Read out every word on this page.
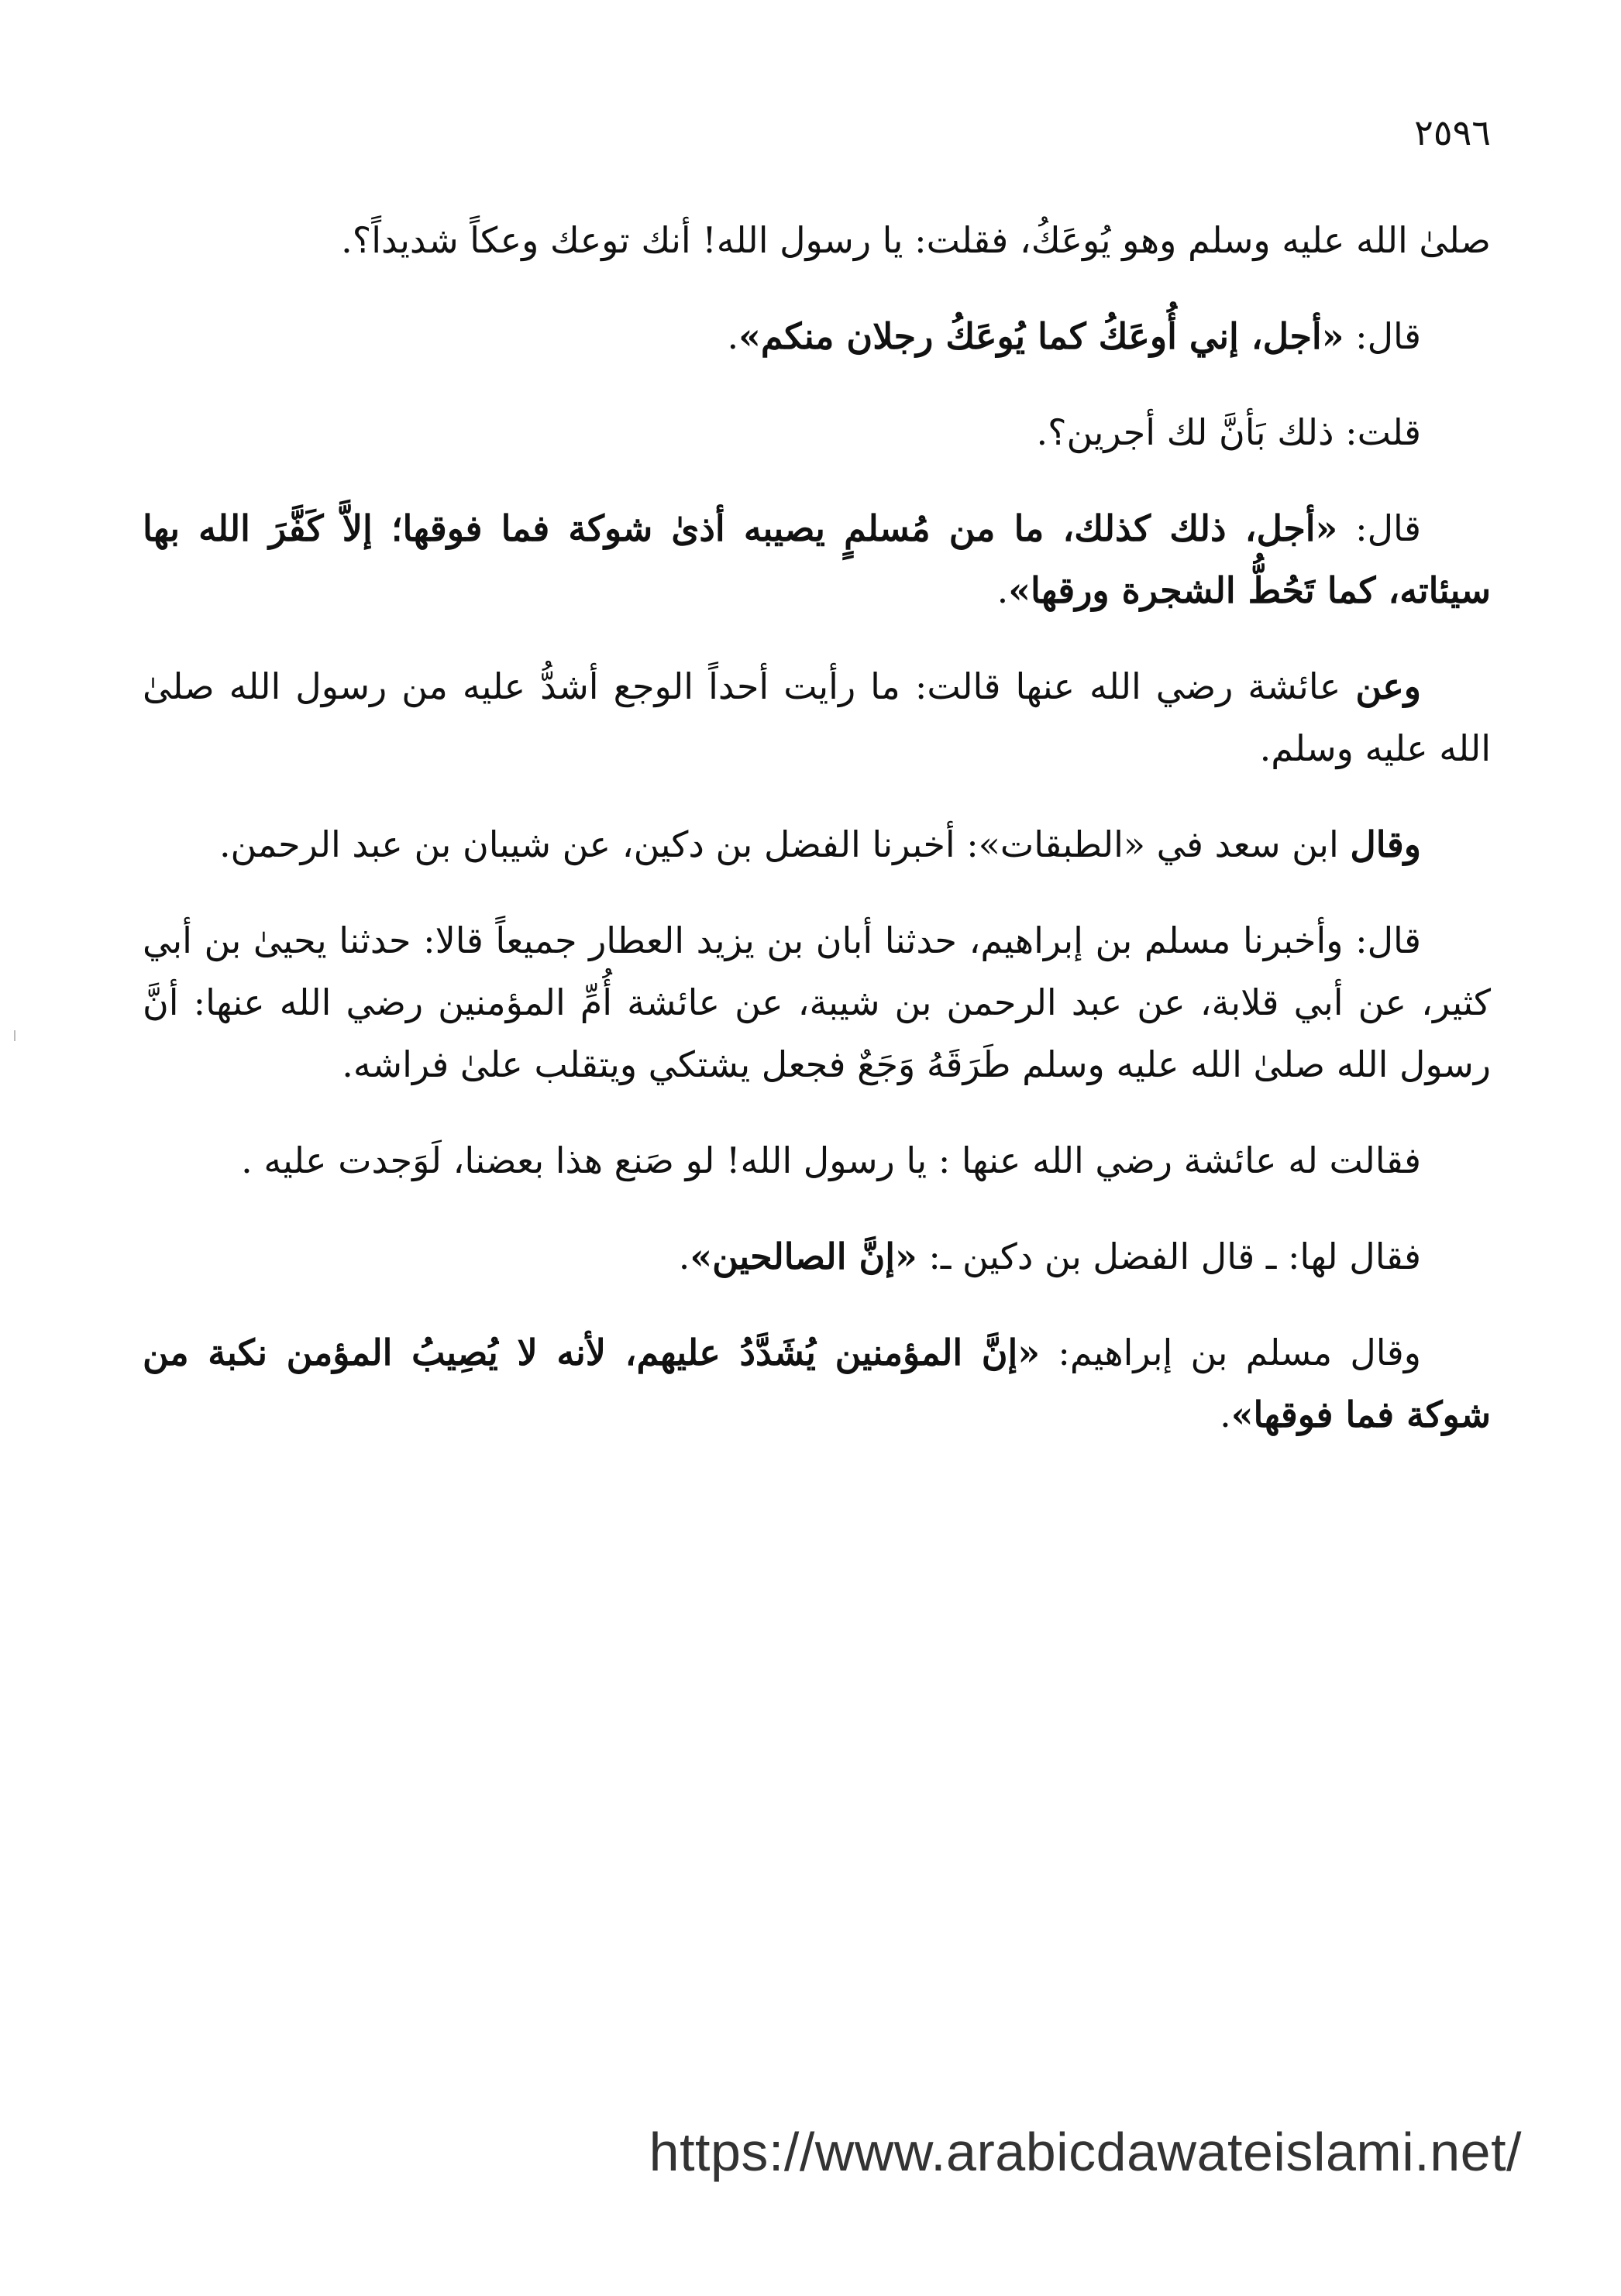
٢٥٩٦

صلىٰ الله عليه وسلم وهو يُوعَكُ، فقلت: يا رسول الله! أنك توعك وعكاً شديداً؟.

قال: «أجل، إني أُوعَكُ كما يُوعَكُ رجلان منكم».

قلت: ذلك بَأنَّ لك أجرين؟.

قال: «أجل، ذلك كذلك، ما من مُسلمٍ يصيبه أذىٰ شوكة فما فوقها؛ إلاَّ كَفَّرَ الله بها سيئاته، كما تَحُطُّ الشجرة ورقها».

وعن عائشة رضي الله عنها قالت: ما رأيت أحداً الوجع أشدُّ عليه من رسول الله صلىٰ الله عليه وسلم.

وقال ابن سعد في «الطبقات»: أخبرنا الفضل بن دكين، عن شيبان بن عبد الرحمن.

قال: وأخبرنا مسلم بن إبراهيم، حدثنا أبان بن يزيد العطار جميعاً قالا: حدثنا يحيىٰ بن أبي كثير، عن أبي قلابة، عن عبد الرحمن بن شيبة، عن عائشة أُمِّ المؤمنين رضي الله عنها: أنَّ رسول الله صلىٰ الله عليه وسلم طَرَقَهُ وَجَعٌ فجعل يشتكي ويتقلب علىٰ فراشه.

فقالت له عائشة رضي الله عنها : يا رسول الله! لو صَنع هذا بعضنا، لَوَجدت عليه .

فقال لها: ـ قال الفضل بن دكين ـ: «إنَّ الصالحين».

وقال مسلم بن إبراهيم: «إنَّ المؤمنين يُشَدَّدُ عليهم، لأنه لا يُصِيبُ المؤمن نكبة من شوكة فما فوقها».

https://www.arabicdawateislami.net/
